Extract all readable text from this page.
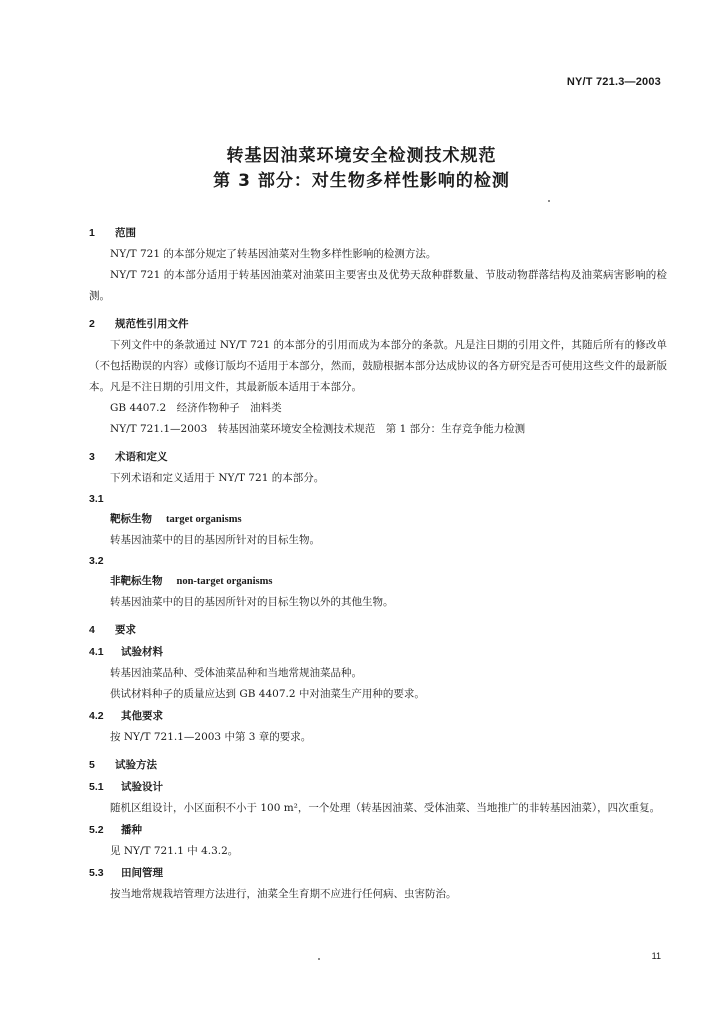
NY/T 721.3—2003
转基因油菜环境安全检测技术规范
第 3 部分：对生物多样性影响的检测
1 范围
NY/T 721 的本部分规定了转基因油菜对生物多样性影响的检测方法。
NY/T 721 的本部分适用于转基因油菜对油菜田主要害虫及优势天敌种群数量、节肢动物群落结构及油菜病害影响的检测。
2 规范性引用文件
下列文件中的条款通过 NY/T 721 的本部分的引用而成为本部分的条款。凡是注日期的引用文件，其随后所有的修改单（不包括勘误的内容）或修订版均不适用于本部分，然而，鼓励根据本部分达成协议的各方研究是否可使用这些文件的最新版本。凡是不注日期的引用文件，其最新版本适用于本部分。
GB 4407.2　经济作物种子　油料类
NY/T 721.1—2003　转基因油菜环境安全检测技术规范　第 1 部分：生存竞争能力检测
3 术语和定义
下列术语和定义适用于 NY/T 721 的本部分。
3.1
靶标生物 target organisms
转基因油菜中的目的基因所针对的目标生物。
3.2
非靶标生物 non-target organisms
转基因油菜中的目的基因所针对的目标生物以外的其他生物。
4 要求
4.1 试验材料
转基因油菜品种、受体油菜品种和当地常规油菜品种。
供试材料种子的质量应达到 GB 4407.2 中对油菜生产用种的要求。
4.2 其他要求
按 NY/T 721.1—2003 中第 3 章的要求。
5 试验方法
5.1 试验设计
随机区组设计，小区面积不小于 100 m²，一个处理（转基因油菜、受体油菜、当地推广的非转基因油菜），四次重复。
5.2 播种
见 NY/T 721.1 中 4.3.2。
5.3 田间管理
按当地常规栽培管理方法进行，油菜全生育期不应进行任何病、虫害防治。
11
